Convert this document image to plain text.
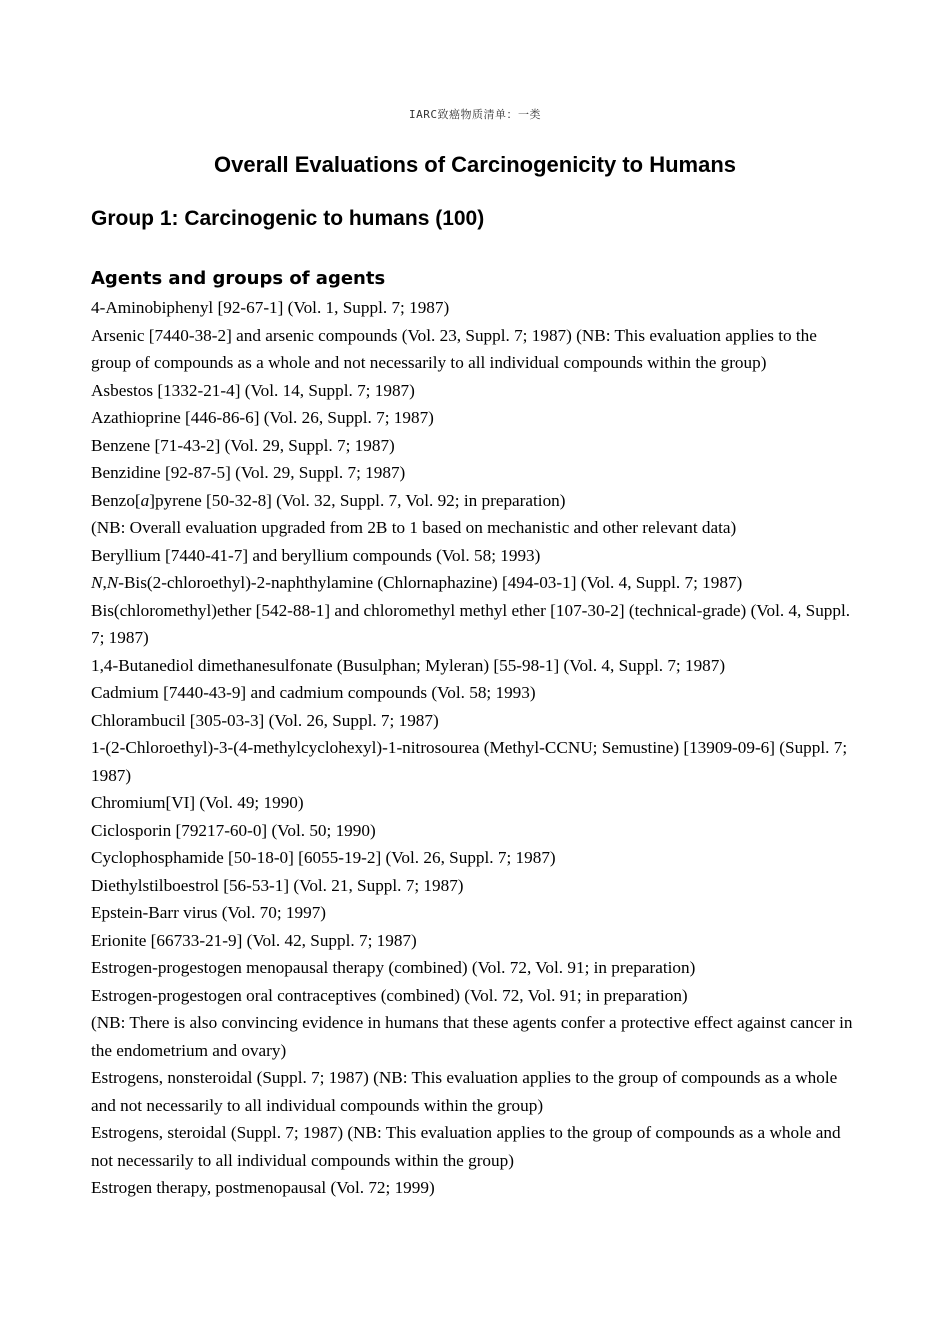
IARC致癌物质清单：一类
Overall Evaluations of Carcinogenicity to Humans
Group 1: Carcinogenic to humans (100)
Agents and groups of agents

4-Aminobiphenyl [92-67-1] (Vol. 1, Suppl. 7; 1987)

Arsenic [7440-38-2] and arsenic compounds (Vol. 23, Suppl. 7; 1987) (NB: This evaluation applies to the group of compounds as a whole and not necessarily to all individual compounds within the group)

Asbestos [1332-21-4] (Vol. 14, Suppl. 7; 1987)

Azathioprine [446-86-6] (Vol. 26, Suppl. 7; 1987)

Benzene [71-43-2] (Vol. 29, Suppl. 7; 1987)

Benzidine [92-87-5] (Vol. 29, Suppl. 7; 1987)

Benzo[a]pyrene [50-32-8] (Vol. 32, Suppl. 7, Vol. 92; in preparation)

(NB: Overall evaluation upgraded from 2B to 1 based on mechanistic and other relevant data)

Beryllium [7440-41-7] and beryllium compounds (Vol. 58; 1993)

N,N-Bis(2-chloroethyl)-2-naphthylamine (Chlornaphazine) [494-03-1] (Vol. 4, Suppl. 7; 1987)

Bis(chloromethyl)ether [542-88-1] and chloromethyl methyl ether [107-30-2] (technical-grade) (Vol. 4, Suppl. 7; 1987)

1,4-Butanediol dimethanesulfonate (Busulphan; Myleran) [55-98-1] (Vol. 4, Suppl. 7; 1987)

Cadmium [7440-43-9] and cadmium compounds (Vol. 58; 1993)

Chlorambucil [305-03-3] (Vol. 26, Suppl. 7; 1987)

1-(2-Chloroethyl)-3-(4-methylcyclohexyl)-1-nitrosourea (Methyl-CCNU; Semustine) [13909-09-6] (Suppl. 7; 1987)

Chromium[VI] (Vol. 49; 1990)

Ciclosporin [79217-60-0] (Vol. 50; 1990)

Cyclophosphamide [50-18-0] [6055-19-2] (Vol. 26, Suppl. 7; 1987)

Diethylstilboestrol [56-53-1] (Vol. 21, Suppl. 7; 1987)

Epstein-Barr virus (Vol. 70; 1997)

Erionite [66733-21-9] (Vol. 42, Suppl. 7; 1987)

Estrogen-progestogen menopausal therapy (combined) (Vol. 72, Vol. 91; in preparation)

Estrogen-progestogen oral contraceptives (combined) (Vol. 72, Vol. 91; in preparation)

(NB: There is also convincing evidence in humans that these agents confer a protective effect against cancer in the endometrium and ovary)

Estrogens, nonsteroidal (Suppl. 7; 1987) (NB: This evaluation applies to the group of compounds as a whole and not necessarily to all individual compounds within the group)

Estrogens, steroidal (Suppl. 7; 1987) (NB: This evaluation applies to the group of compounds as a whole and not necessarily to all individual compounds within the group)

Estrogen therapy, postmenopausal (Vol. 72; 1999)
